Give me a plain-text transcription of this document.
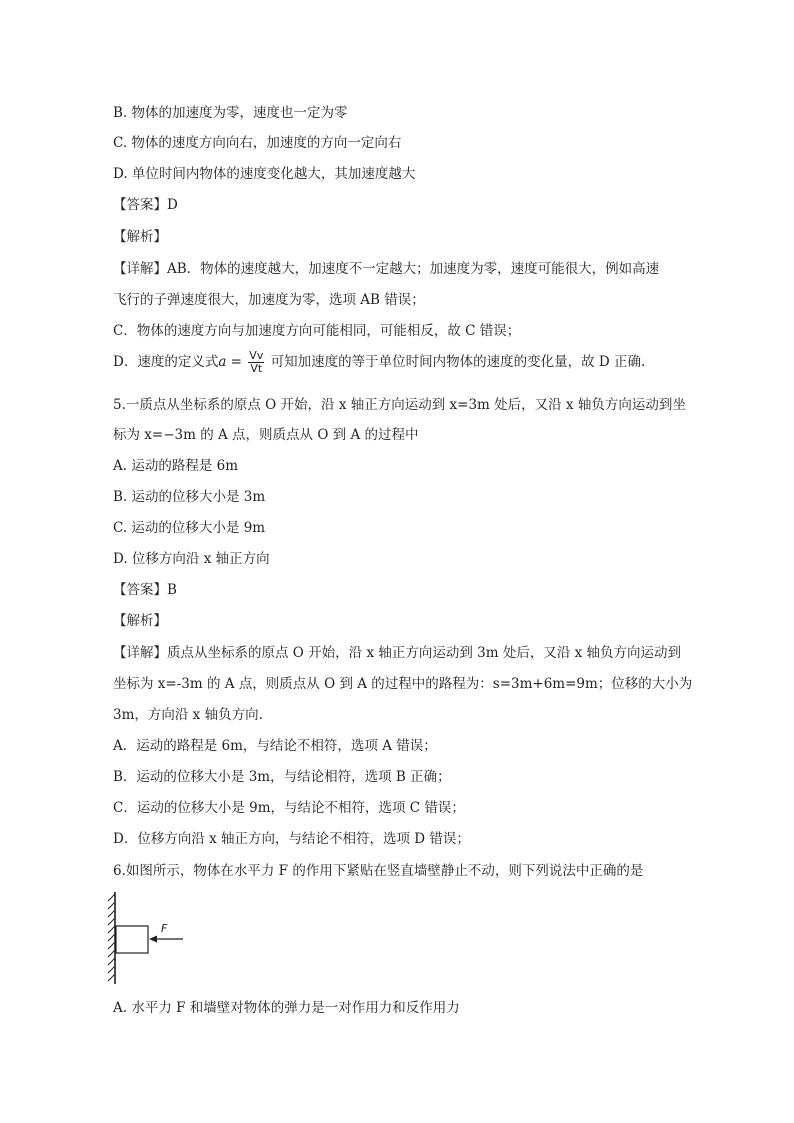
B. 物体的加速度为零，速度也一定为零
C. 物体的速度方向向右，加速度的方向一定向右
D. 单位时间内物体的速度变化越大，其加速度越大
【答案】D
【解析】
【详解】AB．物体的速度越大，加速度不一定越大；加速度为零，速度可能很大，例如高速
飞行的子弹速度很大，加速度为零，选项 AB 错误；
C．物体的速度方向与加速度方向可能相同，可能相反，故 C 错误；
D．速度的定义式$a = \frac{Vv}{Vt}$ 可知加速度的等于单位时间内物体的速度的变化量，故 D 正确.
5.一质点从坐标系的原点 O 开始，沿 x 轴正方向运动到 x=3m 处后，又沿 x 轴负方向运动到坐
标为 x=−3m 的 A 点，则质点从 O 到 A 的过程中
A. 运动的路程是 6m
B. 运动的位移大小是 3m
C. 运动的位移大小是 9m
D. 位移方向沿 x 轴正方向
【答案】B
【解析】
【详解】质点从坐标系的原点 O 开始，沿 x 轴正方向运动到 3m 处后，又沿 x 轴负方向运动到
坐标为 x=-3m 的 A 点，则质点从 O 到 A 的过程中的路程为：s=3m+6m=9m；位移的大小为
3m，方向沿 x 轴负方向.
A．运动的路程是 6m，与结论不相符，选项 A 错误；
B．运动的位移大小是 3m，与结论相符，选项 B 正确；
C．运动的位移大小是 9m，与结论不相符，选项 C 错误；
D．位移方向沿 x 轴正方向，与结论不相符，选项 D 错误；
6.如图所示，物体在水平力 F 的作用下紧贴在竖直墙壁静止不动，则下列说法中正确的是
F
A. 水平力 F 和墙壁对物体的弹力是一对作用力和反作用力
